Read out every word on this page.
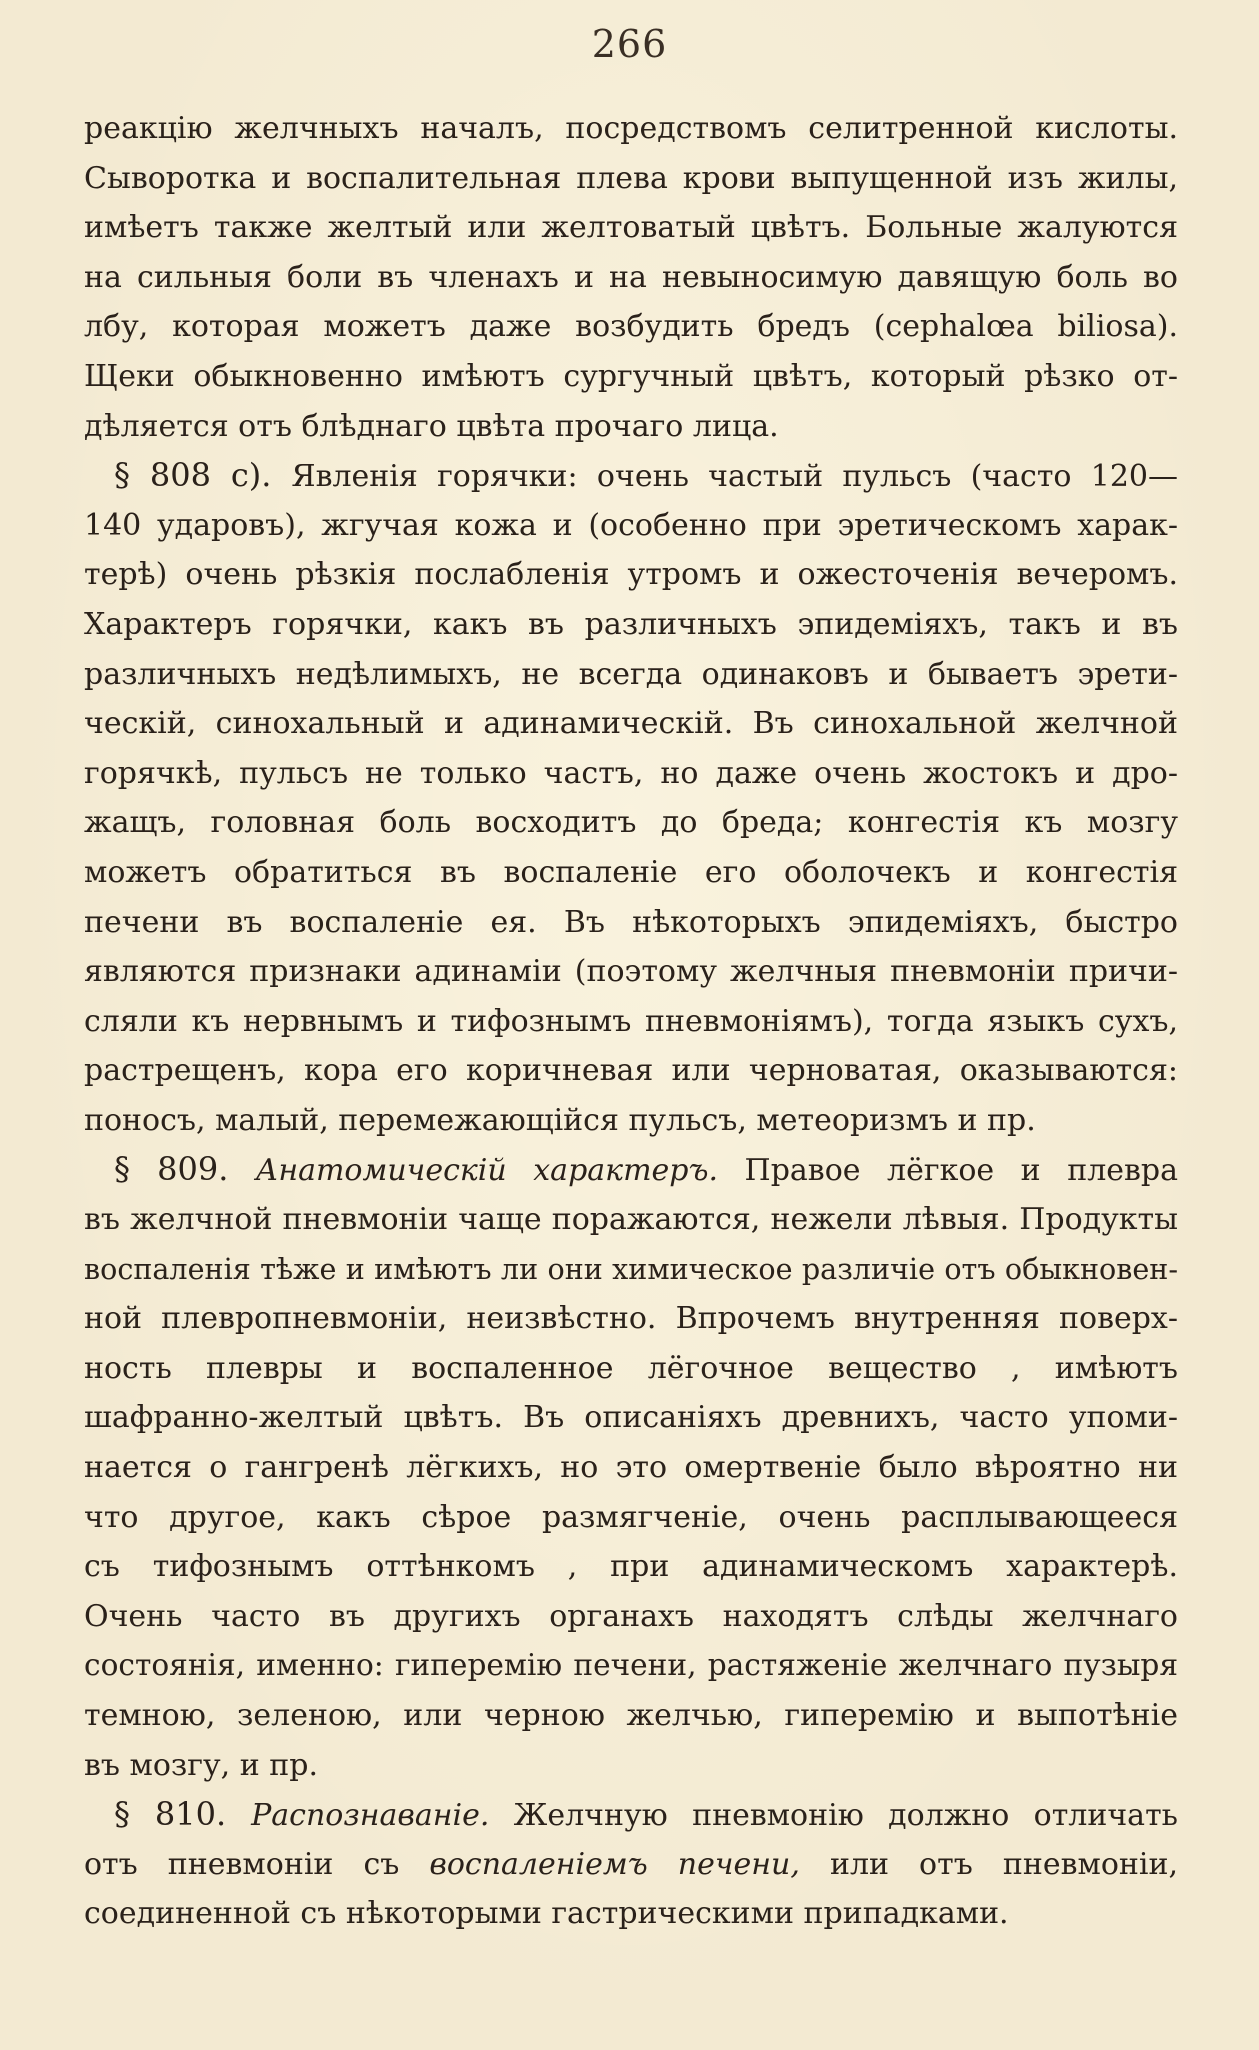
266
реакцію желчныхъ началъ, посредствомъ селитренной кислоты.
Сыворотка и воспалительная плева крови выпущенной изъ жилы,
имѣетъ также желтый или желтоватый цвѣтъ. Больные жалуются
на сильныя боли въ членахъ и на невыносимую давящую боль во
лбу, которая можетъ даже возбудить бредъ (cephalœa biliosa).
Щеки обыкновенно имѣютъ сургучный цвѣтъ, который рѣзко от-
дѣляется отъ блѣднаго цвѣта прочаго лица.
§ 808 с). Явленія горячки: очень частый пульсъ (часто 120—
140 ударовъ), жгучая кожа и (особенно при эретическомъ харак-
терѣ) очень рѣзкія послабленія утромъ и ожесточенія вечеромъ.
Характеръ горячки, какъ въ различныхъ эпидеміяхъ, такъ и въ
различныхъ недѣлимыхъ, не всегда одинаковъ и бываетъ эрети-
ческій, синохальный и адинамическій. Въ синохальной желчной
горячкѣ, пульсъ не только частъ, но даже очень жостокъ и дро-
жащъ, головная боль восходитъ до бреда; конгестія къ мозгу
можетъ обратиться въ воспаленіе его оболочекъ и конгестія
печени въ воспаленіе ея. Въ нѣкоторыхъ эпидеміяхъ, быстро
являются признаки адинаміи (поэтому желчныя пневмоніи причи-
сляли къ нервнымъ и тифознымъ пневмоніямъ), тогда языкъ сухъ,
растрещенъ, кора его коричневая или черноватая, оказываются:
поносъ, малый, перемежающійся пульсъ, метеоризмъ и пр.
§ 809. Анатомическій характеръ. Правое лёгкое и плевра
въ желчной пневмоніи чаще поражаются, нежели лѣвыя. Продукты
воспаленія тѣже и имѣютъ ли они химическое различіе отъ обыкновен-
ной плевропневмоніи, неизвѣстно. Впрочемъ внутренняя поверх-
ность плевры и воспаленное лёгочное вещество , имѣютъ
шафранно-желтый цвѣтъ. Въ описаніяхъ древнихъ, часто упоми-
нается о гангренѣ лёгкихъ, но это омертвеніе было вѣроятно ни
что другое, какъ сѣрое размягченіе, очень расплывающееся
съ тифознымъ оттѣнкомъ , при адинамическомъ характерѣ.
Очень часто въ другихъ органахъ находятъ слѣды желчнаго
состоянія, именно: гиперемію печени, растяженіе желчнаго пузыря
темною, зеленою, или черною желчью, гиперемію и выпотѣніе
въ мозгу, и пр.
§ 810. Распознаваніе. Желчную пневмонію должно отличать
отъ пневмоніи съ воспаленіемъ печени, или отъ пневмоніи,
соединенной съ нѣкоторыми гастрическими припадками.
